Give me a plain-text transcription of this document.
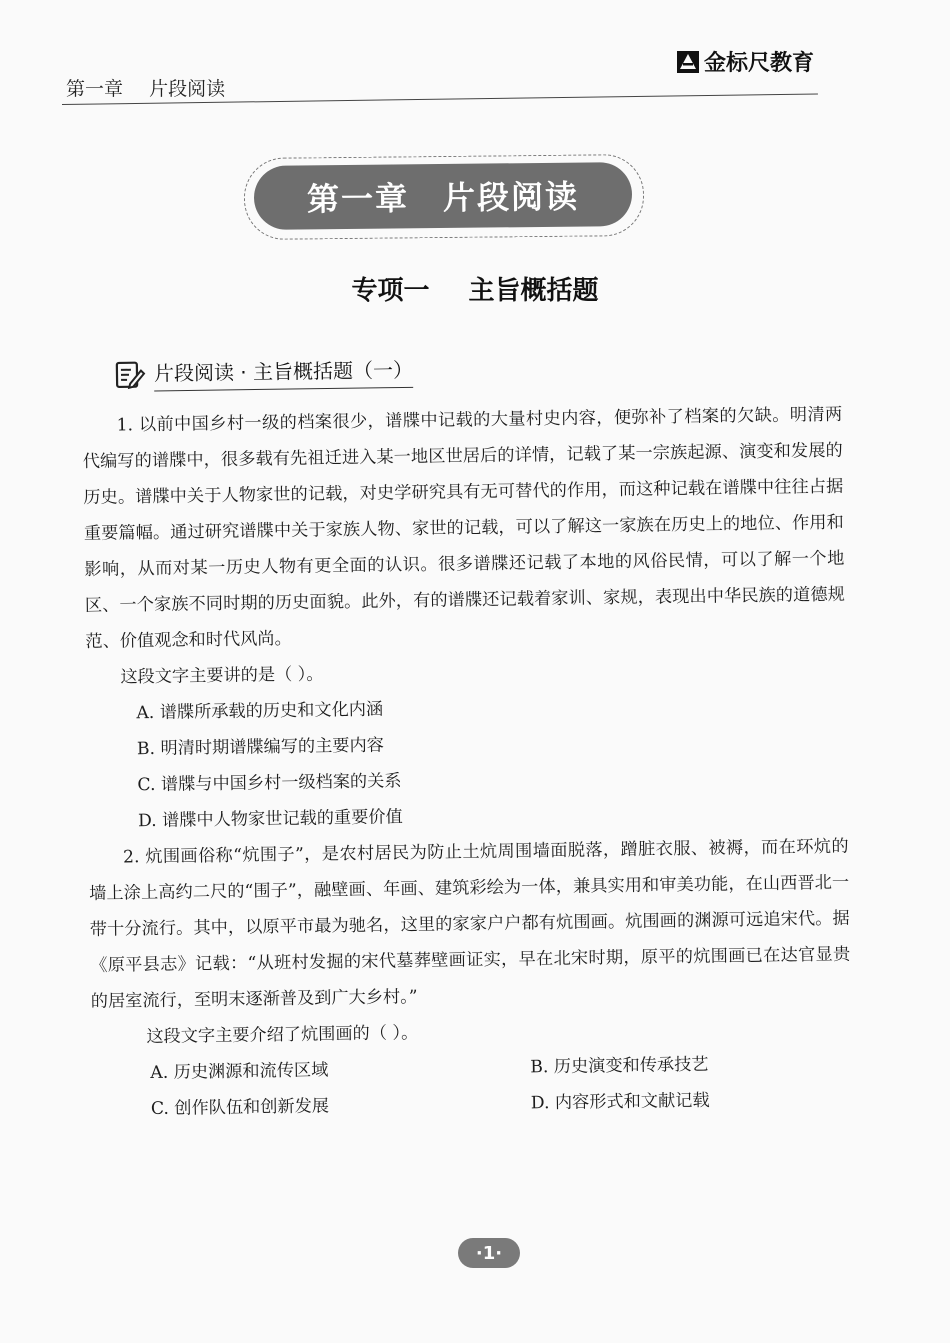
第一章 片段阅读
金标尺教育
第一章 片段阅读
专项一 主旨概括题
片段阅读 · 主旨概括题（一）

1. 以前中国乡村一级的档案很少，谱牒中记载的大量村史内容，便弥补了档案的欠缺。明清两代编写的谱牒中，很多载有先祖迁进入某一地区世居后的详情，记载了某一宗族起源、演变和发展的历史。谱牒中关于人物家世的记载，对史学研究具有无可替代的作用，而这种记载在谱牒中往往占据重要篇幅。通过研究谱牒中关于家族人物、家世的记载，可以了解这一家族在历史上的地位、作用和影响，从而对某一历史人物有更全面的认识。很多谱牒还记载了本地的风俗民情，可以了解一个地区、一个家族不同时期的历史面貌。此外，有的谱牒还记载着家训、家规，表现出中华民族的道德规范、价值观念和时代风尚。

这段文字主要讲的是（ ）。

A. 谱牒所承载的历史和文化内涵

B. 明清时期谱牒编写的主要内容

C. 谱牒与中国乡村一级档案的关系

D. 谱牒中人物家世记载的重要价值

2. 炕围画俗称“炕围子”，是农村居民为防止土炕周围墙面脱落，蹭脏衣服、被褥，而在环炕的墙上涂上高约二尺的“围子”，融壁画、年画、建筑彩绘为一体，兼具实用和审美功能，在山西晋北一带十分流行。其中，以原平市最为驰名，这里的家家户户都有炕围画。炕围画的渊源可远追宋代。据《原平县志》记载：“从班村发掘的宋代墓葬壁画证实，早在北宋时期，原平的炕围画已在达官显贵的居室流行，至明末逐渐普及到广大乡村。”

这段文字主要介绍了炕围画的（ ）。

A. 历史渊源和流传区域	B. 历史演变和传承技艺
C. 创作队伍和创新发展	D. 内容形式和文献记载
·1·
